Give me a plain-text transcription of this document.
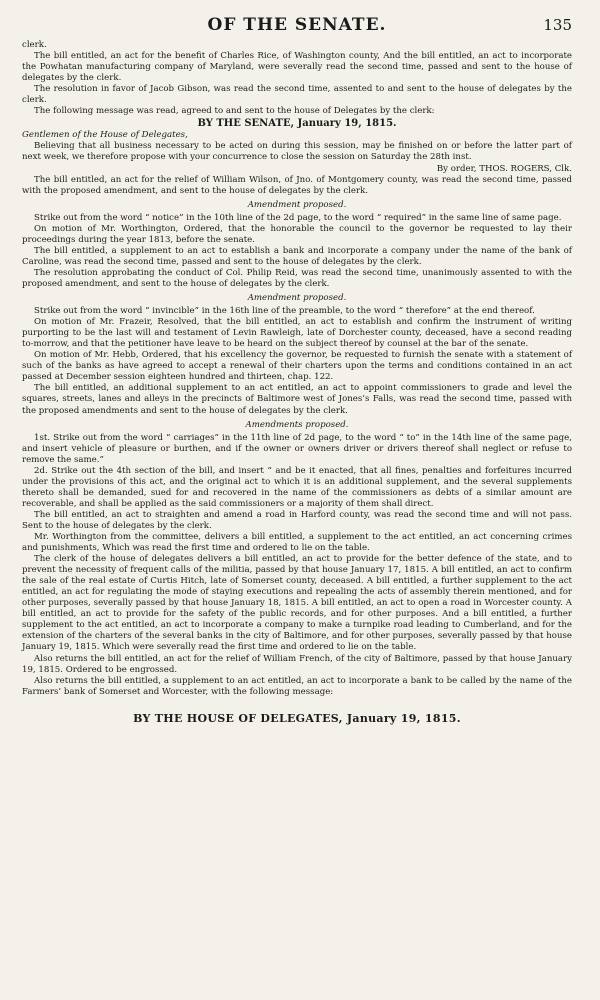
OF THE SENATE.	135

clerk.

The bill entitled, an act for the benefit of Charles Rice, of Washington county, And the bill entitled, an act to incorporate the Powhatan manufacturing company of Maryland, were severally read the second time, passed and sent to the house of delegates by the clerk.

The resolution in favor of Jacob Gibson, was read the second time, assented to and sent to the house of delegates by the clerk.

The following message was read, agreed to and sent to the house of Delegates by the clerk:

BY THE SENATE, January 19, 1815.

Gentlemen of the House of Delegates,

Believing that all business necessary to be acted on during this session, may be finished on or before the latter part of next week, we therefore propose with your concurrence to close the session on Saturday the 28th inst.

By order, THOS. ROGERS, Clk.

The bill entitled, an act for the relief of William Wilson, of Jno. of Montgomery county, was read the second time, passed with the proposed amendment, and sent to the house of delegates by the clerk.

Amendment proposed.

Strike out from the word “ notice” in the 10th line of the 2d page, to the word “ required” in the same line of same page.

On motion of Mr. Worthington, Ordered, that the honorable the council to the governor be requested to lay their proceedings during the year 1813, before the senate.

The bill entitled, a supplement to an act to establish a bank and incorporate a company under the name of the bank of Caroline, was read the second time, passed and sent to the house of delegates by the clerk.

The resolution approbating the conduct of Col. Philip Reid, was read the second time, unanimously assented to with the proposed amendment, and sent to the house of delegates by the clerk.

Amendment proposed.

Strike out from the word “ invincible” in the 16th line of the preamble, to the word “ therefore” at the end thereof.

On motion of Mr. Frazeir, Resolved, that the bill entitled, an act to establish and confirm the instrument of writing purporting to be the last will and testament of Levin Rawleigh, late of Dorchester county, deceased, have a second reading to-morrow, and that the petitioner have leave to be heard on the subject thereof by counsel at the bar of the senate.

On motion of Mr. Hebb, Ordered, that his excellency the governor, be requested to furnish the senate with a statement of such of the banks as have agreed to accept a renewal of their charters upon the terms and conditions contained in an act passed at December session eighteen hundred and thirteen, chap. 122.

The bill entitled, an additional supplement to an act entitled, an act to appoint commissioners to grade and level the squares, streets, lanes and alleys in the precincts of Baltimore west of Jones’s Falls, was read the second time, passed with the proposed amendments and sent to the house of delegates by the clerk.

Amendments proposed.

1st. Strike out from the word “ carriages” in the 11th line of 2d page, to the word “ to” in the 14th line of the same page, and insert vehicle of pleasure or burthen, and if the owner or owners driver or drivers thereof shall neglect or refuse to remove the same.”

2d. Strike out the 4th section of the bill, and insert “ and be it enacted, that all fines, penalties and forfeitures incurred under the provisions of this act, and the original act to which it is an additional supplement, and the several supplements thereto shall be demanded, sued for and recovered in the name of the commissioners as debts of a similar amount are recoverable, and shall be applied as the said commissioners or a majority of them shall direct.

The bill entitled, an act to straighten and amend a road in Harford county, was read the second time and will not pass. Sent to the house of delegates by the clerk.

Mr. Worthington from the committee, delivers a bill entitled, a supplement to the act entitled, an act concerning crimes and punishments, Which was read the first time and ordered to lie on the table.

The clerk of the house of delegates delivers a bill entitled, an act to provide for the better defence of the state, and to prevent the necessity of frequent calls of the militia, passed by that house January 17, 1815. A bill entitled, an act to confirm the sale of the real estate of Curtis Hitch, late of Somerset county, deceased. A bill entitled, a further supplement to the act entitled, an act for regulating the mode of staying executions and repealing the acts of assembly therein mentioned, and for other purposes, severally passed by that house January 18, 1815. A bill entitled, an act to open a road in Worcester county. A bill entitled, an act to provide for the safety of the public records, and for other purposes. And a bill entitled, a further supplement to the act entitled, an act to incorporate a company to make a turnpike road leading to Cumberland, and for the extension of the charters of the several banks in the city of Baltimore, and for other purposes, severally passed by that house January 19, 1815. Which were severally read the first time and ordered to lie on the table.

Also returns the bill entitled, an act for the relief of William French, of the city of Baltimore, passed by that house January 19, 1815. Ordered to be engrossed.

Also returns the bill entitled, a supplement to an act entitled, an act to incorporate a bank to be called by the name of the Farmers’ bank of Somerset and Worcester, with the following message:

BY THE HOUSE OF DELEGATES, January 19, 1815.
